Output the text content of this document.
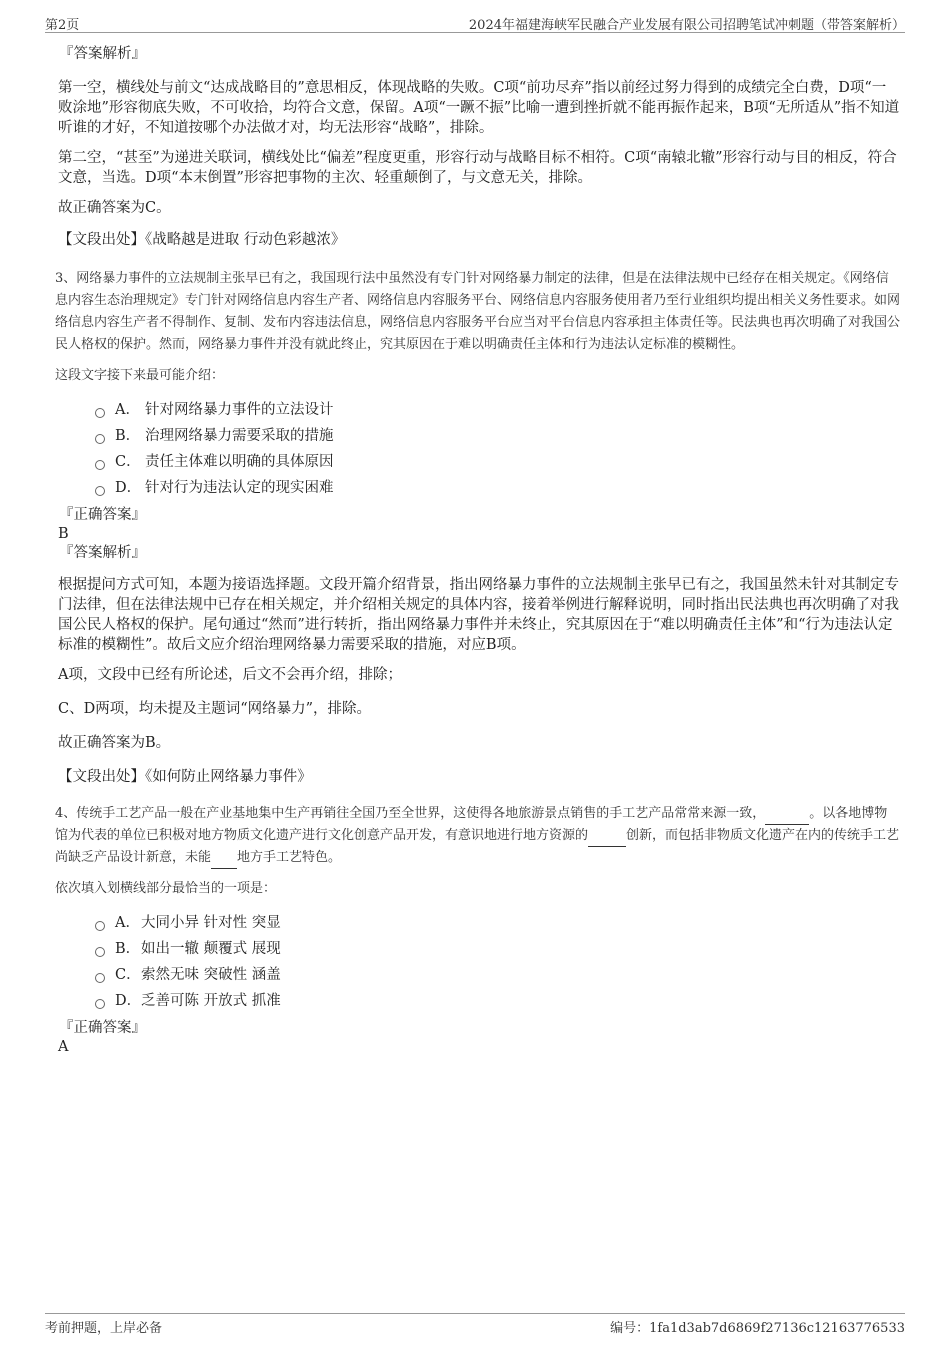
第2页	2024年福建海峡军民融合产业发展有限公司招聘笔试冲刺题（带答案解析）
『答案解析』

第一空，横线处与前文“达成战略目的”意思相反，体现战略的失败。C项“前功尽弃”指以前经过努力得到的成绩完全白费，D项“一败涂地”形容彻底失败，不可收拾，均符合文意，保留。A项“一蹶不振”比喻一遭到挫折就不能再振作起来，B项“无所适从”指不知道听谁的才好，不知道按哪个办法做才对，均无法形容“战略”，排除。

第二空，“甚至”为递进关联词，横线处比“偏差”程度更重，形容行动与战略目标不相符。C项“南辕北辙”形容行动与目的相反，符合文意，当选。D项“本末倒置”形容把事物的主次、轻重颠倒了，与文意无关，排除。

故正确答案为C。

【文段出处】《战略越是进取 行动色彩越浓》

3、网络暴力事件的立法规制主张早已有之，我国现行法中虽然没有专门针对网络暴力制定的法律，但是在法律法规中已经存在相关规定。《网络信息内容生态治理规定》专门针对网络信息内容生产者、网络信息内容服务平台、网络信息内容服务使用者乃至行业组织均提出相关义务性要求。如网络信息内容生产者不得制作、复制、发布内容违法信息，网络信息内容服务平台应当对平台信息内容承担主体责任等。民法典也再次明确了对我国公民人格权的保护。然而，网络暴力事件并没有就此终止，究其原因在于难以明确责任主体和行为违法认定标准的模糊性。

这段文字接下来最可能介绍：

A． 针对网络暴力事件的立法设计
B． 治理网络暴力需要采取的措施
C． 责任主体难以明确的具体原因
D． 针对行为违法认定的现实困难
『正确答案』
B
『答案解析』

根据提问方式可知，本题为接语选择题。文段开篇介绍背景，指出网络暴力事件的立法规制主张早已有之，我国虽然未针对其制定专门法律，但在法律法规中已存在相关规定，并介绍相关规定的具体内容，接着举例进行解释说明，同时指出民法典也再次明确了对我国公民人格权的保护。尾句通过“然而”进行转折，指出网络暴力事件并未终止，究其原因在于“难以明确责任主体”和“行为违法认定标准的模糊性”。故后文应介绍治理网络暴力需要采取的措施，对应B项。

A项，文段中已经有所论述，后文不会再介绍，排除；

C、D两项，均未提及主题词“网络暴力”，排除。

故正确答案为B。

【文段出处】《如何防止网络暴力事件》

4、传统手工艺产品一般在产业基地集中生产再销往全国乃至全世界，这使得各地旅游景点销售的手工艺产品常常来源一致，	。以各地博物馆为代表的单位已积极对地方物质文化遗产进行文化创意产品开发，有意识地进行地方资源的	创新，而包括非物质文化遗产在内的传统手工艺尚缺乏产品设计新意，未能 地方手工艺特色。

依次填入划横线部分最恰当的一项是：

A． 大同小异 针对性 突显
B． 如出一辙 颠覆式 展现
C． 索然无味 突破性 涵盖
D． 乏善可陈 开放式 抓准
『正确答案』
A
考前押题，上岸必备	编号：1fa1d3ab7d6869f27136c12163776533
